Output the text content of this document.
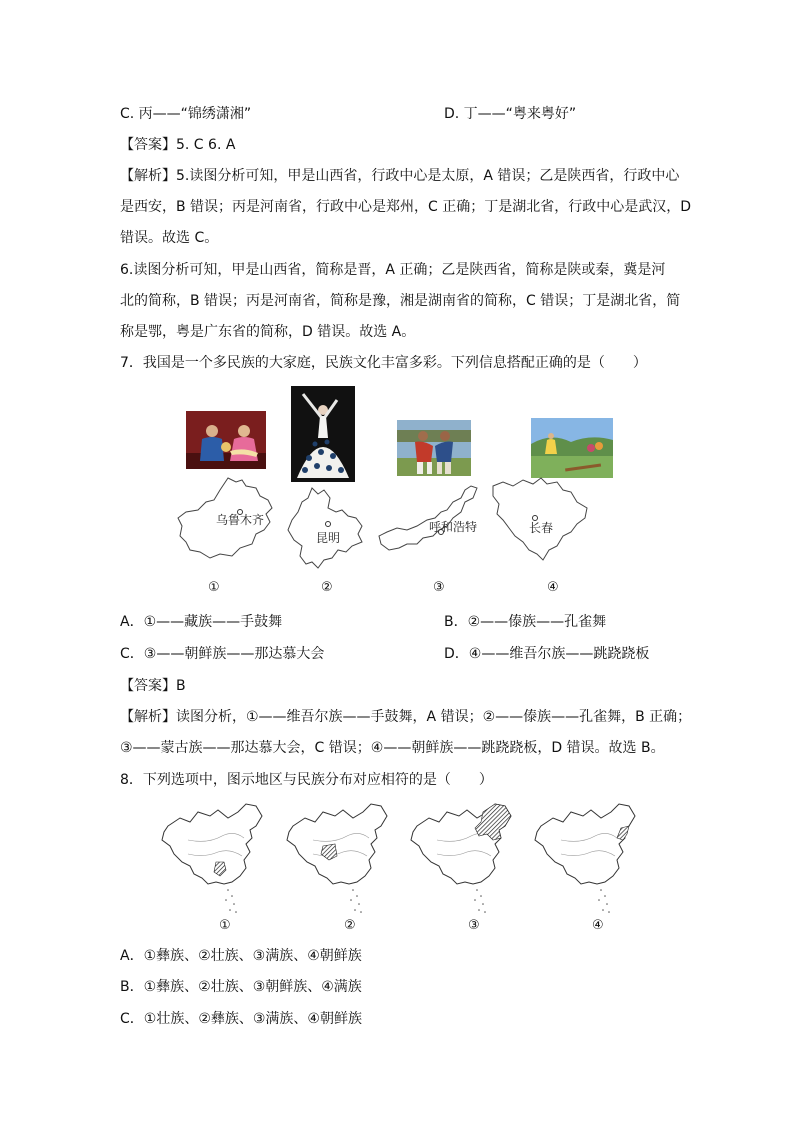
C. 丙——“锦绣潇湘”	D. 丁——“粤来粤好”
【答案】5. C 6. A
【解析】5.读图分析可知，甲是山西省，行政中心是太原，A 错误；乙是陕西省，行政中心
是西安，B 错误；丙是河南省，行政中心是郑州，C 正确；丁是湖北省，行政中心是武汉，D
错误。故选 C。
6.读图分析可知，甲是山西省，简称是晋，A 正确；乙是陕西省，简称是陕或秦，冀是河
北的简称，B 错误；丙是河南省，简称是豫，湘是湖南省的简称，C 错误；丁是湖北省，简
称是鄂，粤是广东省的简称，D 错误。故选 A。
7．我国是一个多民族的大家庭，民族文化丰富多彩。下列信息搭配正确的是（　　）
乌鲁木齐
昆明
呼和浩特	长春
①	②	③	④
A．①——藏族——手鼓舞	B．②——傣族——孔雀舞
C．③——朝鲜族——那达慕大会	D．④——维吾尔族——跳跷跷板
【答案】B
【解析】读图分析，①——维吾尔族——手鼓舞，A 错误；②——傣族——孔雀舞，B 正确；
③——蒙古族——那达慕大会，C 错误；④——朝鲜族——跳跷跷板，D 错误。故选 B。
8．下列选项中，图示地区与民族分布对应相符的是（　　）
①	②	③	④
A．①彝族、②壮族、③满族、④朝鲜族
B．①彝族、②壮族、③朝鲜族、④满族
C．①壮族、②彝族、③满族、④朝鲜族
